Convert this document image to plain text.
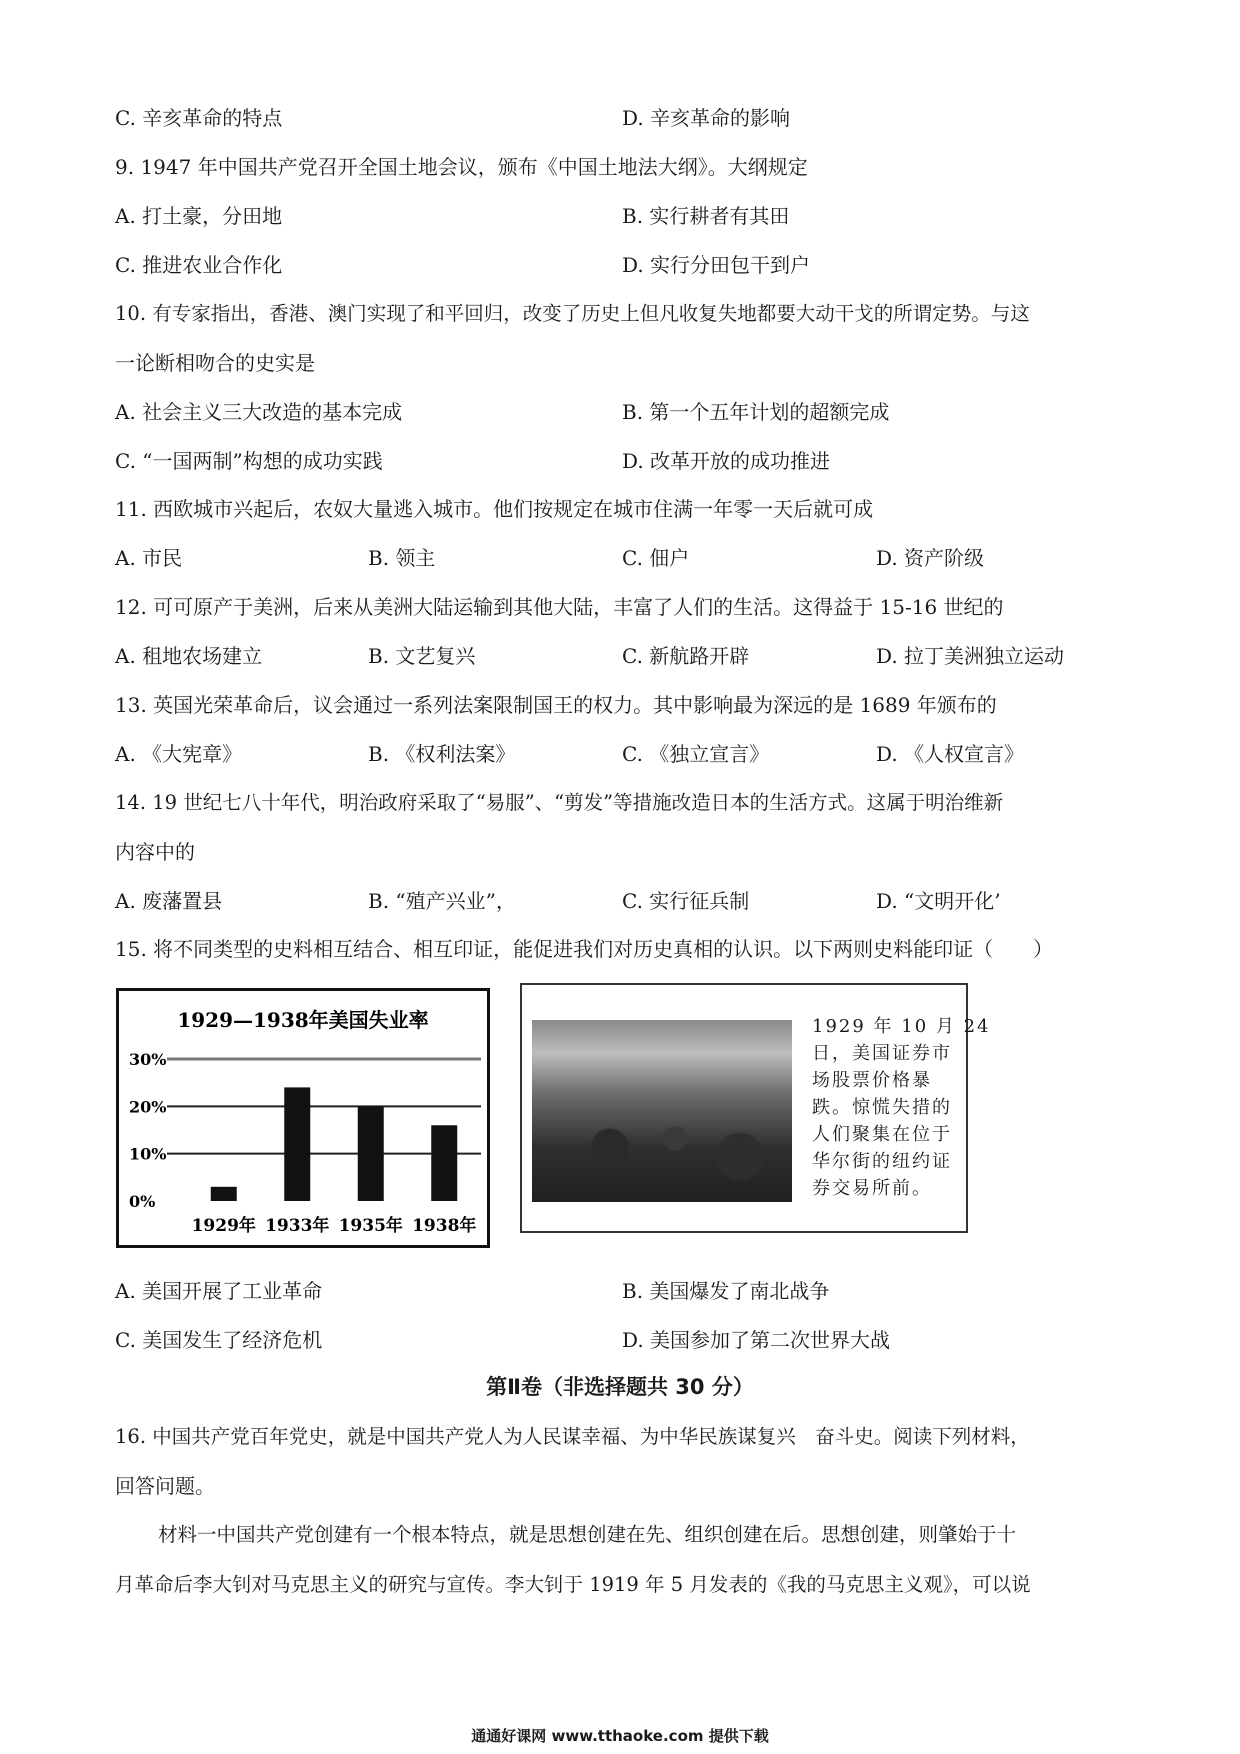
C. 辛亥革命的特点	D. 辛亥革命的影响
9. 1947 年中国共产党召开全国土地会议，颁布《中国土地法大纲》。大纲规定
A. 打土豪，分田地	B. 实行耕者有其田
C. 推进农业合作化	D. 实行分田包干到户
10. 有专家指出，香港、澳门实现了和平回归，改变了历史上但凡收复失地都要大动干戈的所谓定势。与这
一论断相吻合的史实是
A. 社会主义三大改造的基本完成	B. 第一个五年计划的超额完成
C. “一国两制”构想的成功实践	D. 改革开放的成功推进
11. 西欧城市兴起后，农奴大量逃入城市。他们按规定在城市住满一年零一天后就可成
A. 市民	B. 领主	C. 佃户	D. 资产阶级
12. 可可原产于美洲，后来从美洲大陆运输到其他大陆，丰富了人们的生活。这得益于 15-16 世纪的
A. 租地农场建立	B. 文艺复兴	C. 新航路开辟	D. 拉丁美洲独立运动
13. 英国光荣革命后，议会通过一系列法案限制国王的权力。其中影响最为深远的是 1689 年颁布的
A. 《大宪章》	B. 《权利法案》	C. 《独立宣言》	D. 《人权宣言》
14. 19 世纪七八十年代，明治政府采取了“易服”、“剪发”等措施改造日本的生活方式。这属于明治维新
内容中的
A. 废藩置县	B. “殖产兴业”，	C. 实行征兵制	D. “文明开化’
15. 将不同类型的史料相互结合、相互印证，能促进我们对历史真相的认识。以下两则史料能印证（　　）
1929—1938年美国失业率
0%
10%
20%
30%
1929年 1933年 1935年 1938年
1929 年 10 月 24
日，美国证券市
场股票价格暴
跌。惊慌失措的
人们聚集在位于
华尔街的纽约证
券交易所前。
A. 美国开展了工业革命	B. 美国爆发了南北战争
C. 美国发生了经济危机	D. 美国参加了第二次世界大战
第Ⅱ卷（非选择题共 30 分）
16. 中国共产党百年党史，就是中国共产党人为人民谋幸福、为中华民族谋复兴　奋斗史。阅读下列材料，
回答问题。
材料一中国共产党创建有一个根本特点，就是思想创建在先、组织创建在后。思想创建，则肇始于十
月革命后李大钊对马克思主义的研究与宣传。李大钊于 1919 年 5 月发表的《我的马克思主义观》，可以说
通通好课网 www.tthaoke.com 提供下载
